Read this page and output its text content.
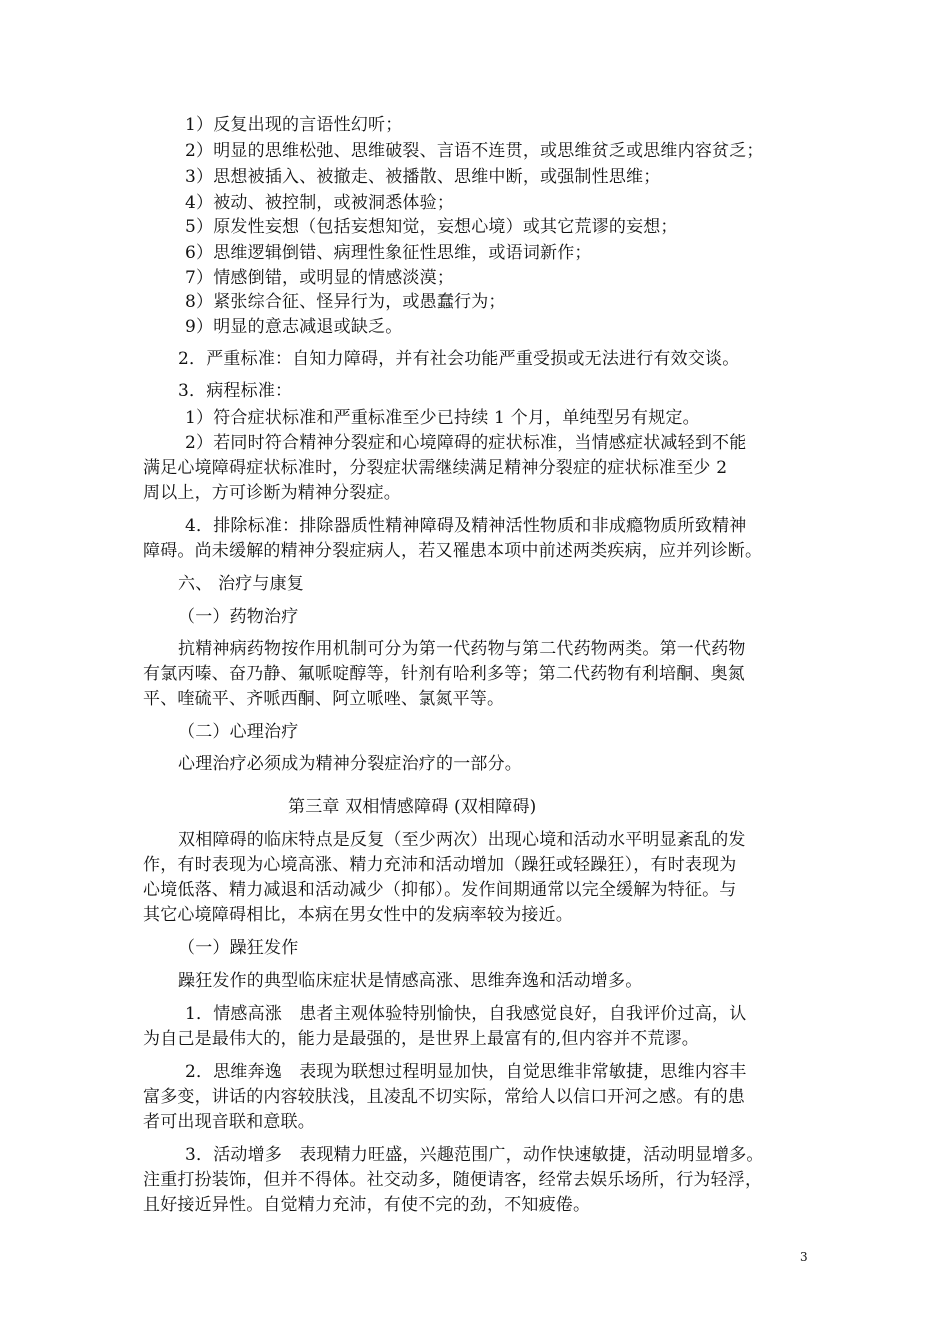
1）反复出现的言语性幻听；
2）明显的思维松弛、思维破裂、言语不连贯，或思维贫乏或思维内容贫乏；
3）思想被插入、被撤走、被播散、思维中断，或强制性思维；
4）被动、被控制，或被洞悉体验；
5）原发性妄想（包括妄想知觉，妄想心境）或其它荒谬的妄想；
6）思维逻辑倒错、病理性象征性思维，或语词新作；
7）情感倒错，或明显的情感淡漠；
8）紧张综合征、怪异行为，或愚蠢行为；
9）明显的意志减退或缺乏。
2．严重标准：自知力障碍，并有社会功能严重受损或无法进行有效交谈。
3．病程标准：
1）符合症状标准和严重标准至少已持续 1 个月，单纯型另有规定。
2）若同时符合精神分裂症和心境障碍的症状标准，当情感症状减轻到不能
满足心境障碍症状标准时，分裂症状需继续满足精神分裂症的症状标准至少 2
周以上，方可诊断为精神分裂症。
4．排除标准：排除器质性精神障碍及精神活性物质和非成瘾物质所致精神
障碍。尚未缓解的精神分裂症病人，若又罹患本项中前述两类疾病，应并列诊断。
六、 治疗与康复
（一）药物治疗
抗精神病药物按作用机制可分为第一代药物与第二代药物两类。第一代药物
有氯丙嗪、奋乃静、氟哌啶醇等，针剂有哈利多等；第二代药物有利培酮、奥氮
平、喹硫平、齐哌西酮、阿立哌唑、氯氮平等。
（二）心理治疗
心理治疗必须成为精神分裂症治疗的一部分。
第三章 双相情感障碍 (双相障碍)
双相障碍的临床特点是反复（至少两次）出现心境和活动水平明显紊乱的发
作，有时表现为心境高涨、精力充沛和活动增加（躁狂或轻躁狂），有时表现为
心境低落、精力减退和活动减少（抑郁）。发作间期通常以完全缓解为特征。与
其它心境障碍相比，本病在男女性中的发病率较为接近。
（一）躁狂发作
躁狂发作的典型临床症状是情感高涨、思维奔逸和活动增多。
1．情感高涨　患者主观体验特别愉快，自我感觉良好，自我评价过高，认
为自己是最伟大的，能力是最强的，是世界上最富有的,但内容并不荒谬。
2．思维奔逸　表现为联想过程明显加快，自觉思维非常敏捷，思维内容丰
富多变，讲话的内容较肤浅，且凌乱不切实际，常给人以信口开河之感。有的患
者可出现音联和意联。
3．活动增多　表现精力旺盛，兴趣范围广，动作快速敏捷，活动明显增多。
注重打扮装饰，但并不得体。社交动多，随便请客，经常去娱乐场所，行为轻浮，
且好接近异性。自觉精力充沛，有使不完的劲，不知疲倦。
3
